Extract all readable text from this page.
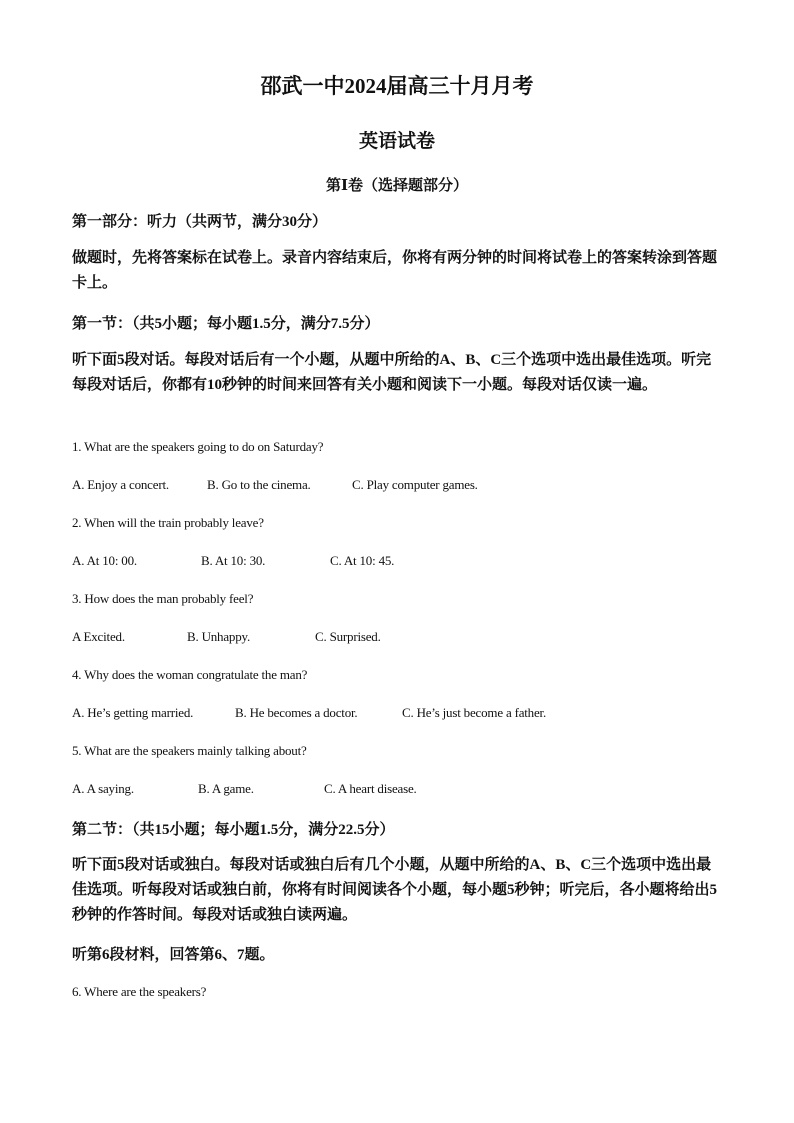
邵武一中2024届高三十月月考
英语试卷
第Ⅰ卷（选择题部分）
第一部分：听力（共两节，满分30分）
做题时，先将答案标在试卷上。录音内容结束后，你将有两分钟的时间将试卷上的答案转涂到答题卡上。
第一节：（共5小题；每小题1.5分，满分7.5分）
听下面5段对话。每段对话后有一个小题，从题中所给的A、B、C三个选项中选出最佳选项。听完每段对话后，你都有10秒钟的时间来回答有关小题和阅读下一小题。每段对话仅读一遍。
1. What are the speakers going to do on Saturday?
A. Enjoy a concert.	B. Go to the cinema.	C. Play computer games.
2. When will the train probably leave?
A. At 10: 00.	B. At 10: 30.	C. At 10: 45.
3. How does the man probably feel?
A Excited.	B. Unhappy.	C. Surprised.
4. Why does the woman congratulate the man?
A. He’s getting married.	B. He becomes a doctor.	C. He’s just become a father.
5. What are the speakers mainly talking about?
A. A saying.	B. A game.	C. A heart disease.
第二节：（共15小题；每小题1.5分，满分22.5分）
听下面5段对话或独白。每段对话或独白后有几个小题，从题中所给的A、B、C三个选项中选出最佳选项。听每段对话或独白前，你将有时间阅读各个小题，每小题5秒钟；听完后，各小题将给出5秒钟的作答时间。每段对话或独白读两遍。
听第6段材料，回答第6、7题。
6. Where are the speakers?
